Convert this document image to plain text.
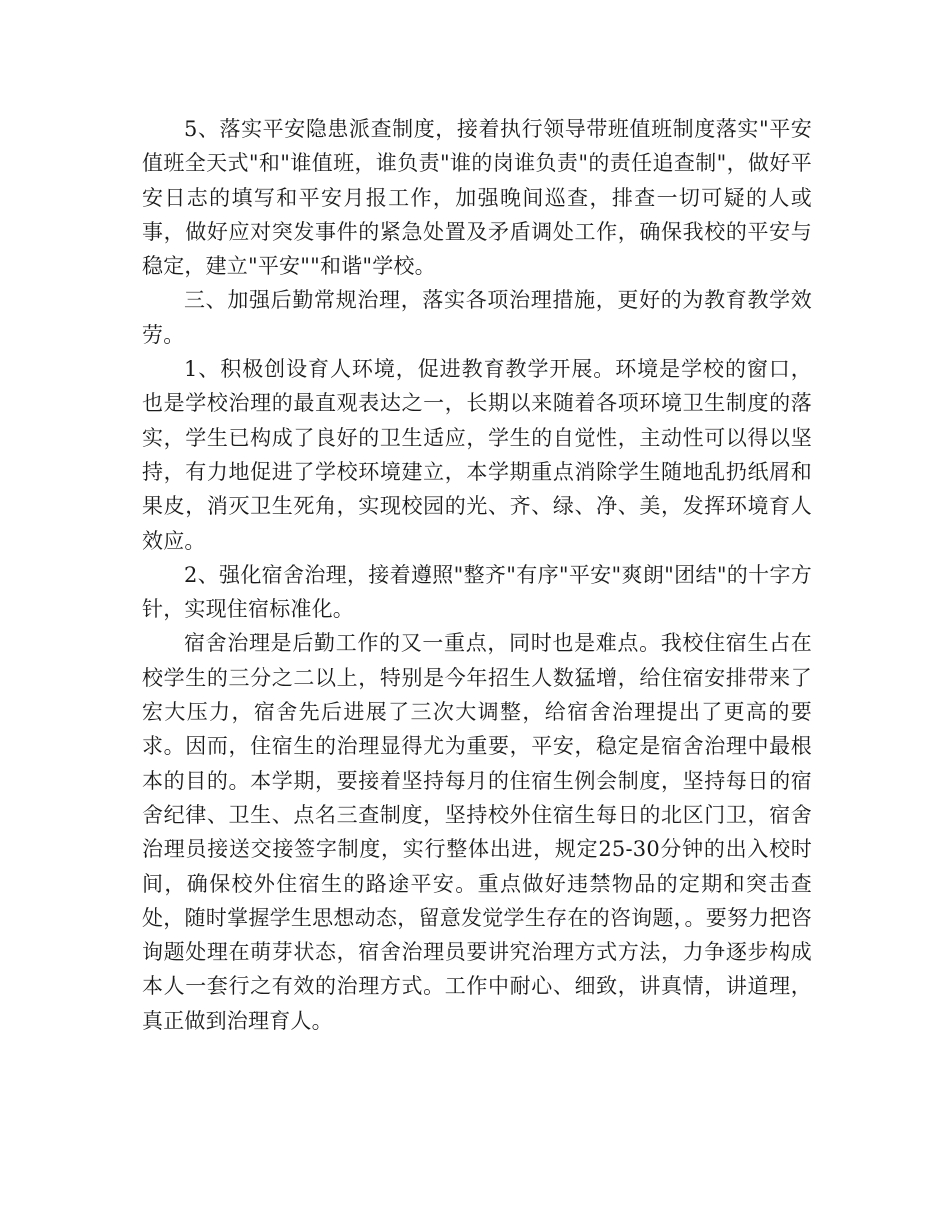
5、落实平安隐患派查制度，接着执行领导带班值班制度落实"平安值班全天式"和"谁值班，谁负责"谁的岗谁负责"的责任追查制"，做好平安日志的填写和平安月报工作，加强晚间巡查，排查一切可疑的人或事，做好应对突发事件的紧急处置及矛盾调处工作，确保我校的平安与稳定，建立"平安""和谐"学校。

三、加强后勤常规治理，落实各项治理措施，更好的为教育教学效劳。

1、积极创设育人环境，促进教育教学开展。环境是学校的窗口，也是学校治理的最直观表达之一，长期以来随着各项环境卫生制度的落实，学生已构成了良好的卫生适应，学生的自觉性，主动性可以得以坚持，有力地促进了学校环境建立，本学期重点消除学生随地乱扔纸屑和果皮，消灭卫生死角，实现校园的光、齐、绿、净、美，发挥环境育人效应。

2、强化宿舍治理，接着遵照"整齐"有序"平安"爽朗"团结"的十字方针，实现住宿标准化。

宿舍治理是后勤工作的又一重点，同时也是难点。我校住宿生占在校学生的三分之二以上，特别是今年招生人数猛增，给住宿安排带来了宏大压力，宿舍先后进展了三次大调整，给宿舍治理提出了更高的要求。因而，住宿生的治理显得尤为重要，平安，稳定是宿舍治理中最根本的目的。本学期，要接着坚持每月的住宿生例会制度，坚持每日的宿舍纪律、卫生、点名三查制度，坚持校外住宿生每日的北区门卫，宿舍治理员接送交接签字制度，实行整体出进，规定25-30分钟的出入校时间，确保校外住宿生的路途平安。重点做好违禁物品的定期和突击查处，随时掌握学生思想动态，留意发觉学生存在的咨询题，。要努力把咨询题处理在萌芽状态，宿舍治理员要讲究治理方式方法，力争逐步构成本人一套行之有效的治理方式。工作中耐心、细致，讲真情，讲道理，真正做到治理育人。
